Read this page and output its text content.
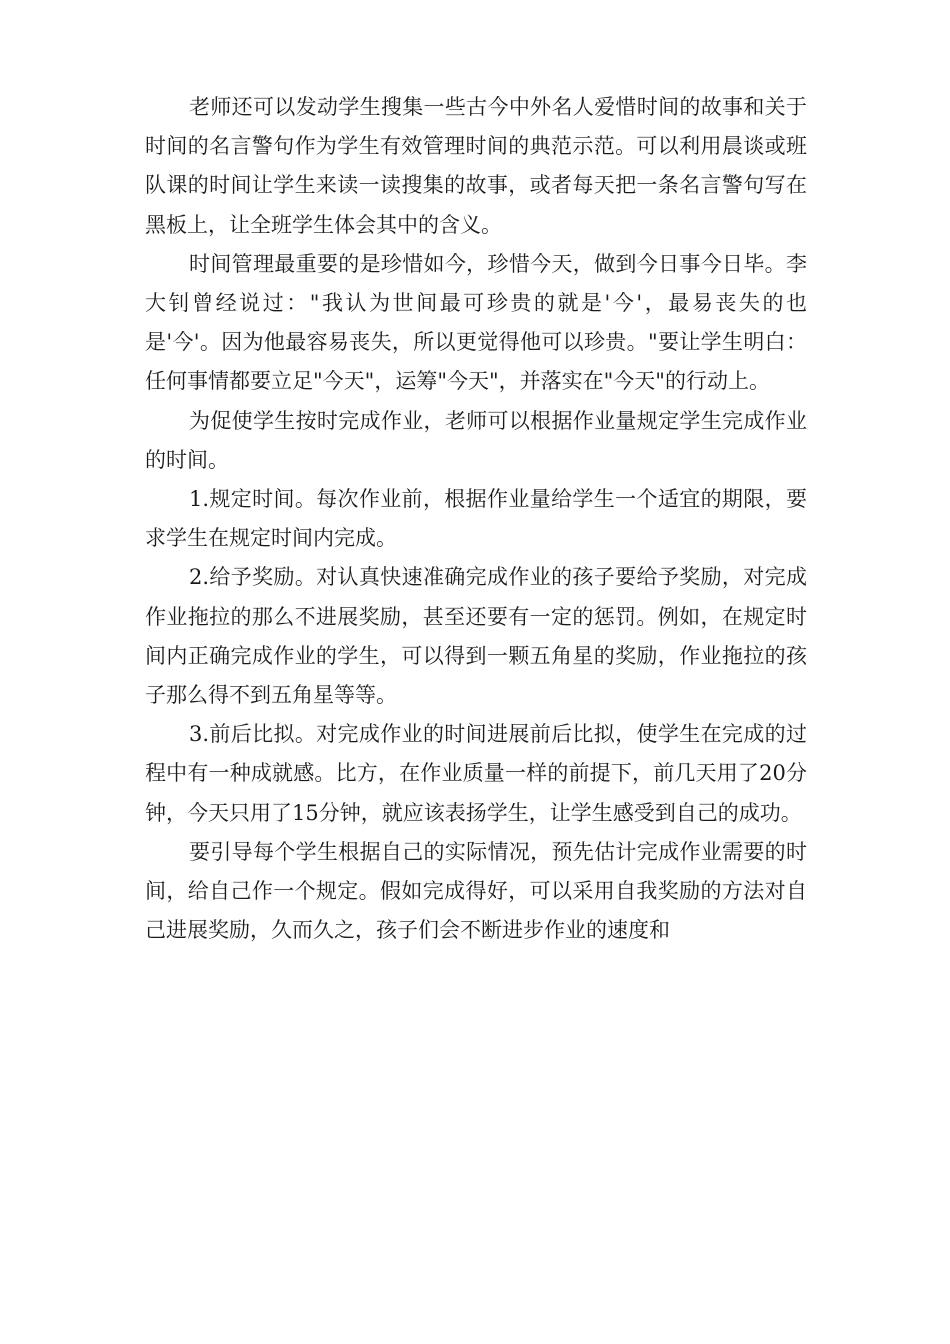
老师还可以发动学生搜集一些古今中外名人爱惜时间的故事和关于时间的名言警句作为学生有效管理时间的典范示范。可以利用晨谈或班队课的时间让学生来读一读搜集的故事，或者每天把一条名言警句写在黑板上，让全班学生体会其中的含义。

时间管理最重要的是珍惜如今，珍惜今天，做到今日事今日毕。李大钊曾经说过："我认为世间最可珍贵的就是'今'，最易丧失的也是'今'。因为他最容易丧失，所以更觉得他可以珍贵。"要让学生明白：任何事情都要立足"今天"，运筹"今天"，并落实在"今天"的行动上。

为促使学生按时完成作业，老师可以根据作业量规定学生完成作业的时间。

1.规定时间。每次作业前，根据作业量给学生一个适宜的期限，要求学生在规定时间内完成。

2.给予奖励。对认真快速准确完成作业的孩子要给予奖励，对完成作业拖拉的那么不进展奖励，甚至还要有一定的惩罚。例如，在规定时间内正确完成作业的学生，可以得到一颗五角星的奖励，作业拖拉的孩子那么得不到五角星等等。

3.前后比拟。对完成作业的时间进展前后比拟，使学生在完成的过程中有一种成就感。比方，在作业质量一样的前提下，前几天用了20分钟，今天只用了15分钟，就应该表扬学生，让学生感受到自己的成功。

要引导每个学生根据自己的实际情况，预先估计完成作业需要的时间，给自己作一个规定。假如完成得好，可以采用自我奖励的方法对自己进展奖励，久而久之，孩子们会不断进步作业的速度和
